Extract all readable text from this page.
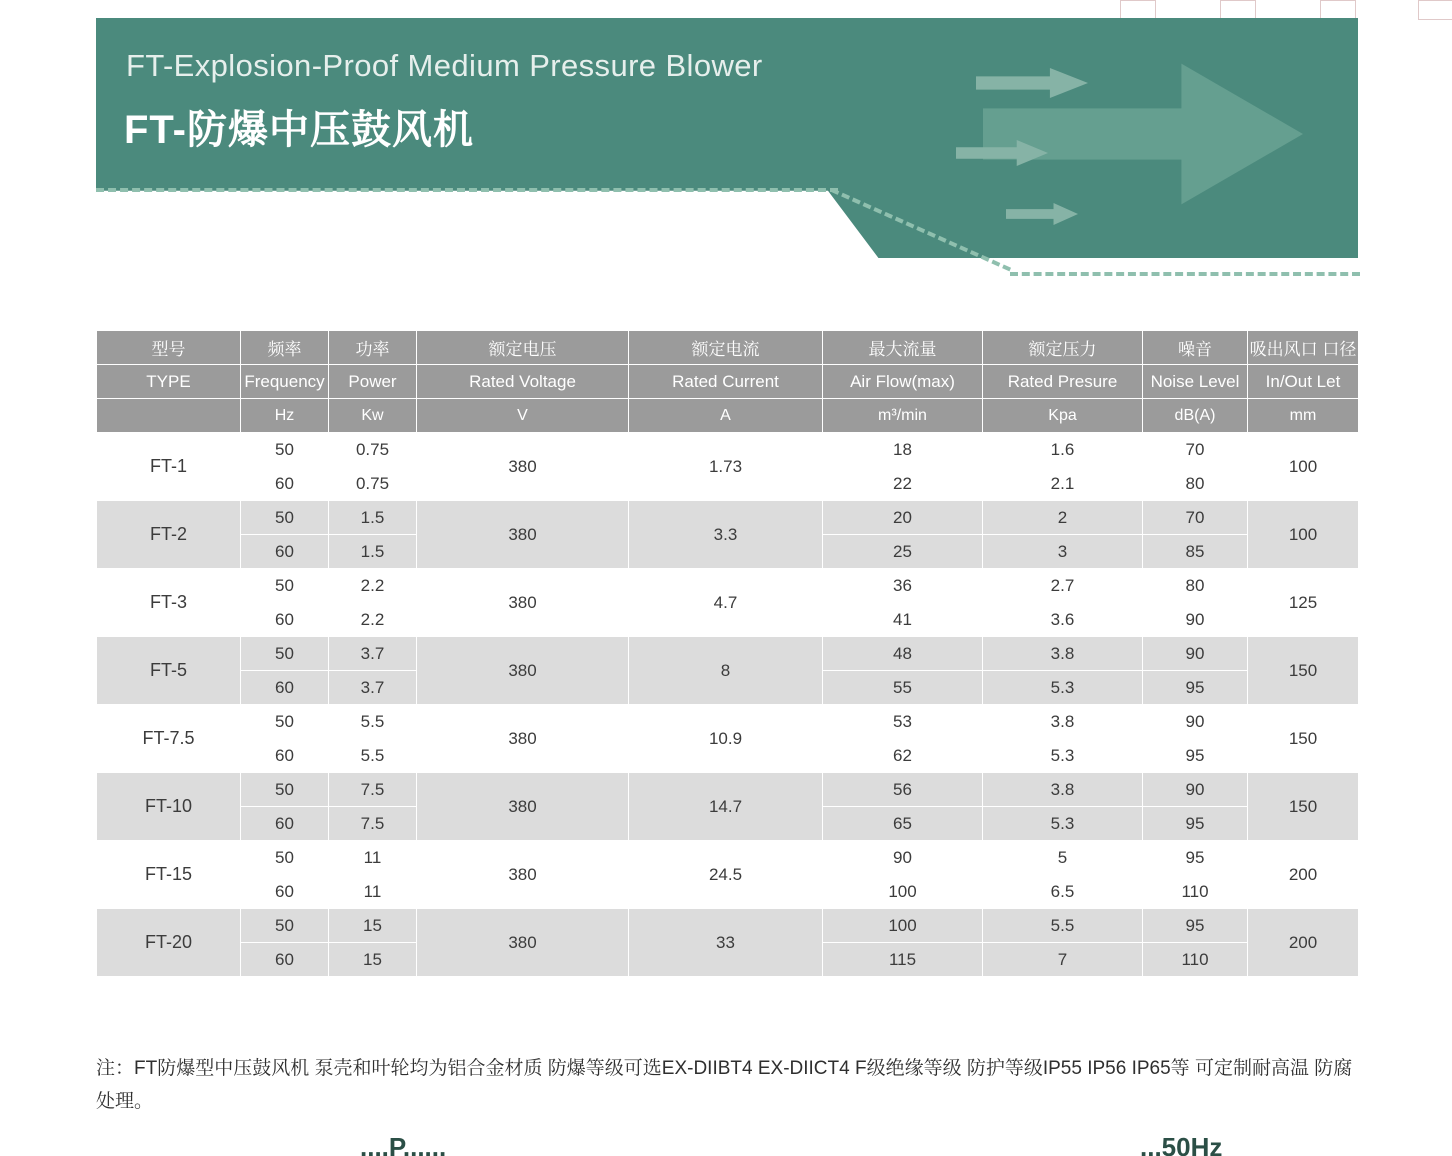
FT-Explosion-Proof Medium Pressure Blower
FT-防爆中压鼓风机
型号	频率	功率	额定电压	额定电流	最大流量	额定压力	噪音	吸出风口 口径
TYPE	Frequency	Power	Rated Voltage	Rated Current	Air Flow(max)	Rated Presure	Noise Level	In/Out Let
	Hz	Kw	V	A	m³/min	Kpa	dB(A)	mm
FT-1	50	0.75	380	1.73	18	1.6	70	100
	60	0.75			22	2.1	80	
FT-2	50	1.5	380	3.3	20	2	70	100
	60	1.5			25	3	85	
FT-3	50	2.2	380	4.7	36	2.7	80	125
	60	2.2			41	3.6	90	
FT-5	50	3.7	380	8	48	3.8	90	150
	60	3.7			55	5.3	95	
FT-7.5	50	5.5	380	10.9	53	3.8	90	150
	60	5.5			62	5.3	95	
FT-10	50	7.5	380	14.7	56	3.8	90	150
	60	7.5			65	5.3	95	
FT-15	50	11	380	24.5	90	5	95	200
	60	11			100	6.5	110	
FT-20	50	15	380	33	100	5.5	95	200
	60	15			115	7	110	
注：FT防爆型中压鼓风机 泵壳和叶轮均为铝合金材质 防爆等级可选EX-DIIBT4 EX-DIICT4 F级绝缘等级 防护等级IP55 IP56 IP65等 可定制耐高温 防腐处理。
....P......	...50Hz
